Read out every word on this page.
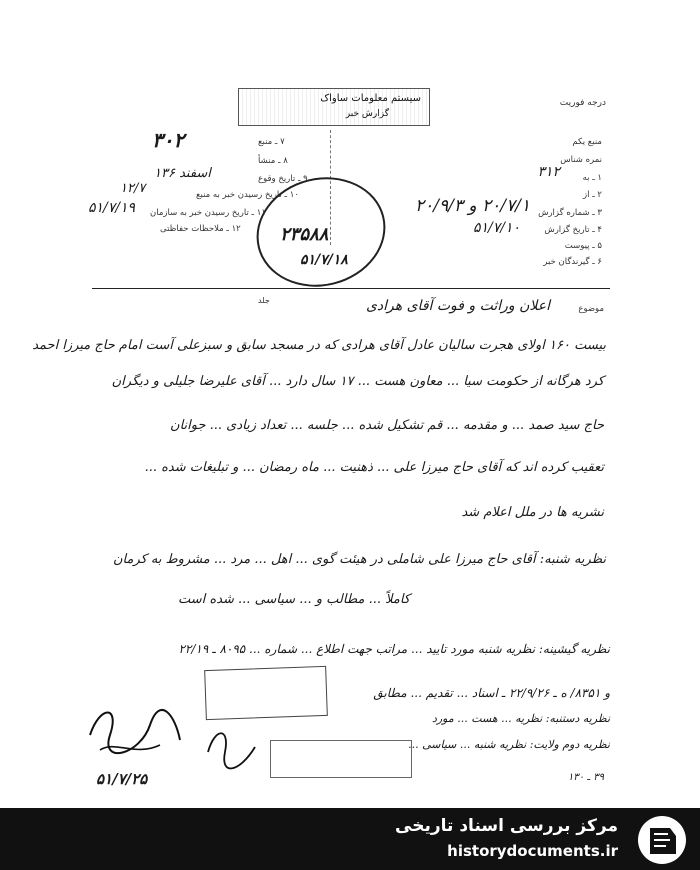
سیستم معلومات ساواک
گزارش خبر
درجه فوریت
۷ ـ منبع
۳۰۲
۸ ـ منشأ
۹ ـ تاریخ وقوع
اسفند ۱۳۶
۱۰ ـ تاریخ رسیدن خبر به منبع
۱۲/۷
۱۱ ـ تاریخ رسیدن خبر به سازمان
۵۱/۷/۱۹
۱۲ ـ ملاحظات حفاظتی
منبع یکم
نمره شناس
۱ ـ به
۳۱۲
۲ ـ از
۳ ـ شماره گزارش
۲۰/۷/۱ و ۲۰/۹/۳
۴ ـ تاریخ گزارش
۵۱/۷/۱۰
۵ ـ پیوست
۶ ـ گیرندگان خبر
۲۳۵۸۸
۵۱/۷/۱۸
جلد
موضوع
اعلان وراثت و فوت آقای هرادی
بیست ۱۶۰ اولای هجرت سالیان عادل آقای هرادی که در مسجد سابق و سبزعلی آست امام حاج میرزا احمد
کرد هرگانه از حکومت سیا ... معاون هست ... ۱۷ سال دارد ... آقای علیرضا جلیلی و دیگران
حاج سید صمد ... و مقدمه ... قم تشکیل شده ... جلسه ... تعداد زیادی ... جوانان
تعقیب کرده اند که آقای حاج میرزا علی ... ذهنیت ... ماه رمضان ... و تبلیغات شده ...
نشریه ها در ملل اعلام شد
نظریه شنبه: آقای حاج میرزا علی شاملی در هیئت گوی ... اهل ... مرد ... مشروط به کرمان
کاملاً ... مطالب و ... سیاسی ... شده است
نظریه گیشینه: نظریه شنبه مورد تایید ... مراتب جهت اطلاع ... شماره ... ۸۰۹۵ ـ ۲۲/۱۹
و ۸۳۵۱/ ه ـ ۲۲/۹/۲۶ ـ اسناد ... تقدیم ... مطابق
نظریه دستنبه: نظریه ... هست ... مورد
نظریه دوم ولایت: نظریه شنبه ... سیاسی ...
۵۱/۷/۲۵	۳۹ ـ ۱۳۰
مرکز بررسی اسناد تاریخی
historydocuments.ir
